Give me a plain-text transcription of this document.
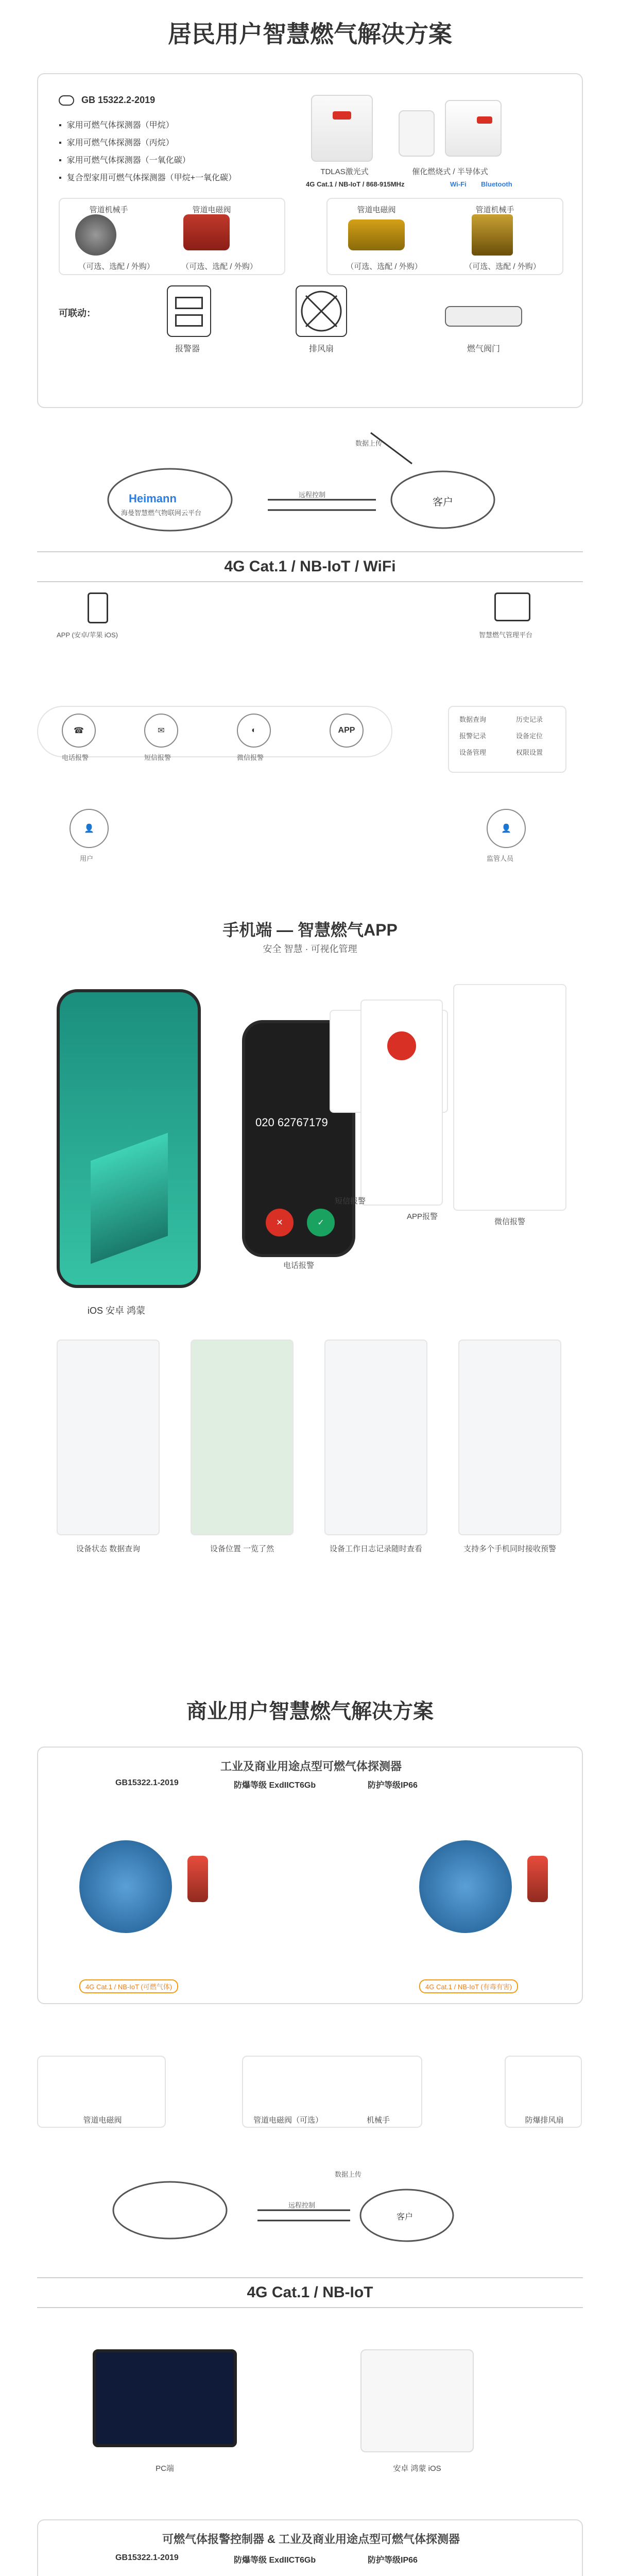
居民用户智慧燃气解决方案
GB 15322.2-2019
▪ 家用可燃气体探测器（甲烷）
▪ 家用可燃气体探测器（丙烷）
▪ 家用可燃气体探测器（一氧化碳）
▪ 复合型家用可燃气体探测器（甲烷+一氧化碳）
TDLAS激光式	催化燃烧式 / 半导体式
4G Cat.1 / NB-IoT / 868-915MHz	Wi-Fi Bluetooth
管道机械手	管道电磁阀
（可选、选配 / 外购）	（可选、选配 / 外购）
管道电磁阀	管道机械手
（可选、选配 / 外购）	（可选、选配 / 外购）
可联动：
报警器	排风扇	燃气阀门
Heimann
海曼智慧燃气物联网云平台
客户
数据上传
远程控制
4G Cat.1 / NB-IoT / WiFi
APP (安卓/苹果 iOS)	智慧燃气管理平台
☎	✉	◐	APP
电话报警	短信报警	微信报警
数据查询
报警记录
设备管理
历史记录
设备定位
权限设置
👤
用户
👤
监管人员
手机端 — 智慧燃气APP
安全 智慧 · 可视化管理
020 62767179
✕	✓
电话报警
短信报警
APP报警
微信报警
iOS 安卓 鸿蒙
设备状态 数据查询	设备位置 一览了然	设备工作日志记录随时查看	支持多个手机同时接收预警
商业用户智慧燃气解决方案
工业及商业用途点型可燃气体探测器
GB15322.1-2019	防爆等级 ExdIICT6Gb	防护等级IP66
4G Cat.1 / NB-IoT (可燃气体)	4G Cat.1 / NB-IoT (有毒有害)
管道电磁阀	管道电磁阀（可选）	机械手	防爆排风扇
客户
远程控制
数据上传
4G Cat.1 / NB-IoT
PC端	安卓 鸿蒙 iOS
可燃气体报警控制器 & 工业及商业用途点型可燃气体探测器
GB15322.1-2019	防爆等级 ExdIICT6Gb	防护等级IP66
